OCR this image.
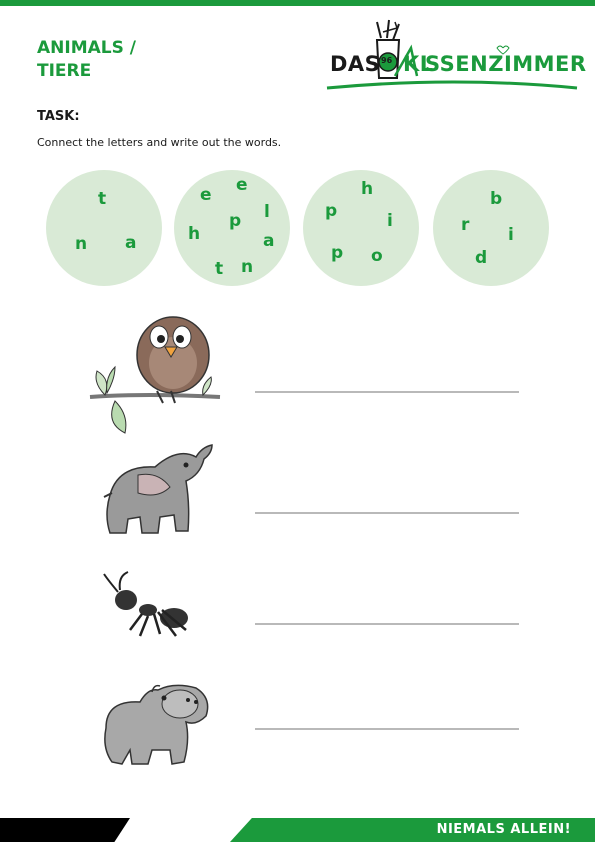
ANIMALS /
TIERE	DAS KL
96 SSENZIMMER
TASK:
Connect the letters and write out the words.
t
n a
e e
h
p l
a
t n
h
p	i
p o
b
r i
d
NIEMALS ALLEIN!
